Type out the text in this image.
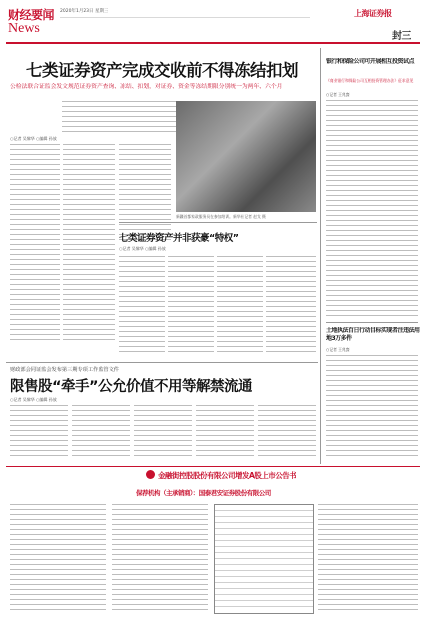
财经要闻
News
2020年1月23日 星期三	上海证券报
封三
七类证券资产完成交收前不得冻结扣划
公检法联合证监会发文规范证券资产查询、冻结、扣划，对证券、资金等冻结期限分别统一为两年、六个月
○记者 吴黎华 ○编辑 孙放
新疆首都家政服务员在参加培训。新华社记者 赵戈 摄
七类证券资产并非获豪“特权”
○记者 吴黎华 ○编辑 孙放
银行和保险公司可开展相互投资试点
《商业银行和保险公司互相投资管理办法》征求意见
○记者 王兆寰
土地执法百日行动目标实现者注违法用地3万多件
○记者 王兆寰
财政部会同证监会发布第三期专项工作监管文件
限售股“牵手”公允价值不用等解禁流通
○记者 吴黎华 ○编辑 孙放
金融街控股股份有限公司增发A股上市公告书
保荐机构（主承销商）：国泰君安证券股份有限公司
